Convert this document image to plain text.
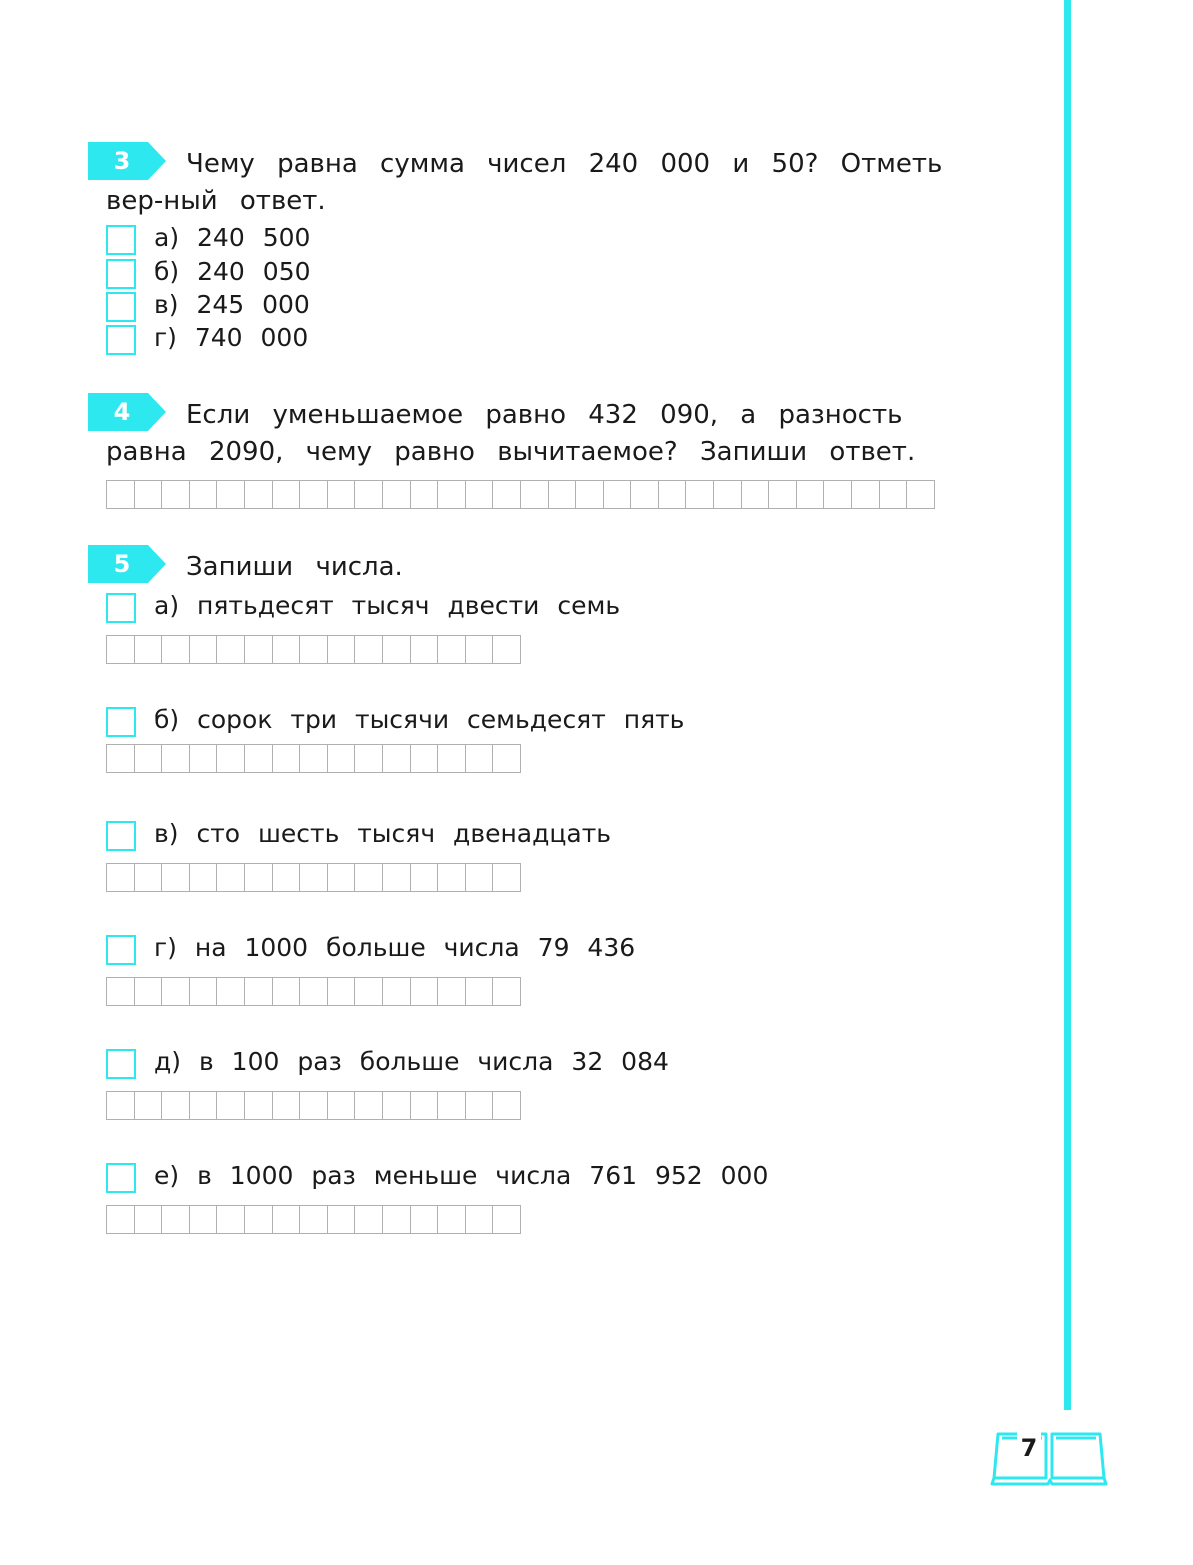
3	Чему равна сумма чисел 240 000 и 50? Отметь вер-ный ответ.
а) 240 500
б) 240 050
в) 245 000
г) 740 000
4	Если уменьшаемое равно 432 090, а разность равна 2090, чему равно вычитаемое? Запиши ответ.
5	Запиши числа.
а) пятьдесят тысяч двести семь
б) сорок три тысячи семьдесят пять
в) сто шесть тысяч двенадцать
г) на 1000 больше числа 79 436
д) в 100 раз больше числа 32 084
е) в 1000 раз меньше числа 761 952 000
7
